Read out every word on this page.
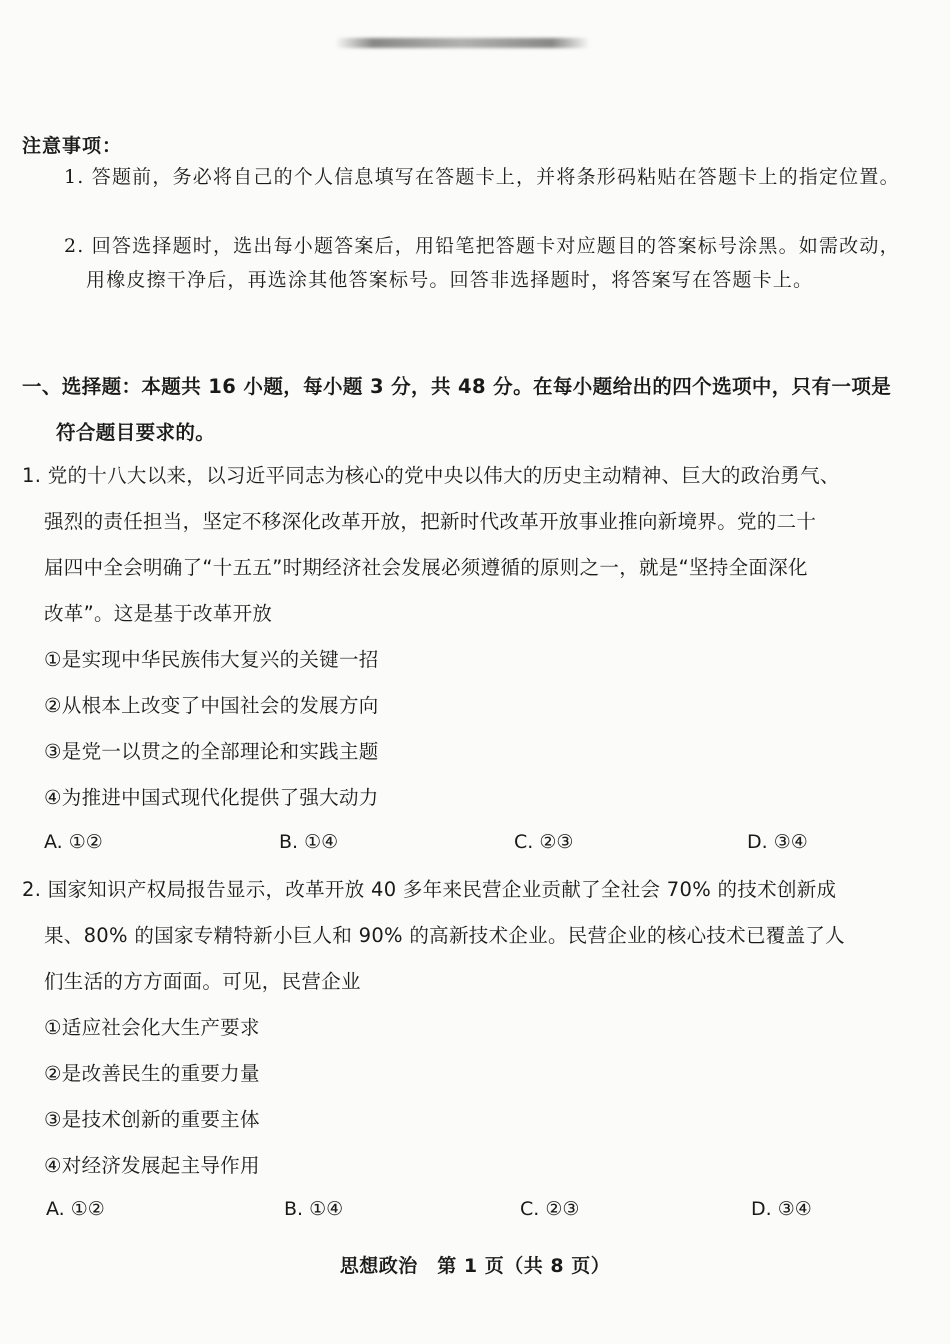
注意事项：
1. 答题前，务必将自己的个人信息填写在答题卡上，并将条形码粘贴在答题卡上的指定位置。
2. 回答选择题时，选出每小题答案后，用铅笔把答题卡对应题目的答案标号涂黑。如需改动，用橡皮擦干净后，再选涂其他答案标号。回答非选择题时，将答案写在答题卡上。
一、选择题：本题共 16 小题，每小题 3 分，共 48 分。在每小题给出的四个选项中，只有一项是
符合题目要求的。
1. 党的十八大以来，以习近平同志为核心的党中央以伟大的历史主动精神、巨大的政治勇气、
强烈的责任担当，坚定不移深化改革开放，把新时代改革开放事业推向新境界。党的二十
届四中全会明确了“十五五”时期经济社会发展必须遵循的原则之一，就是“坚持全面深化
改革”。这是基于改革开放
①是实现中华民族伟大复兴的关键一招
②从根本上改变了中国社会的发展方向
③是党一以贯之的全部理论和实践主题
④为推进中国式现代化提供了强大动力
A. ①②	B. ①④	C. ②③	D. ③④
2. 国家知识产权局报告显示，改革开放 40 多年来民营企业贡献了全社会 70% 的技术创新成
果、80% 的国家专精特新小巨人和 90% 的高新技术企业。民营企业的核心技术已覆盖了人
们生活的方方面面。可见，民营企业
①适应社会化大生产要求
②是改善民生的重要力量
③是技术创新的重要主体
④对经济发展起主导作用
A. ①②	B. ①④	C. ②③	D. ③④
思想政治　第 1 页（共 8 页）
